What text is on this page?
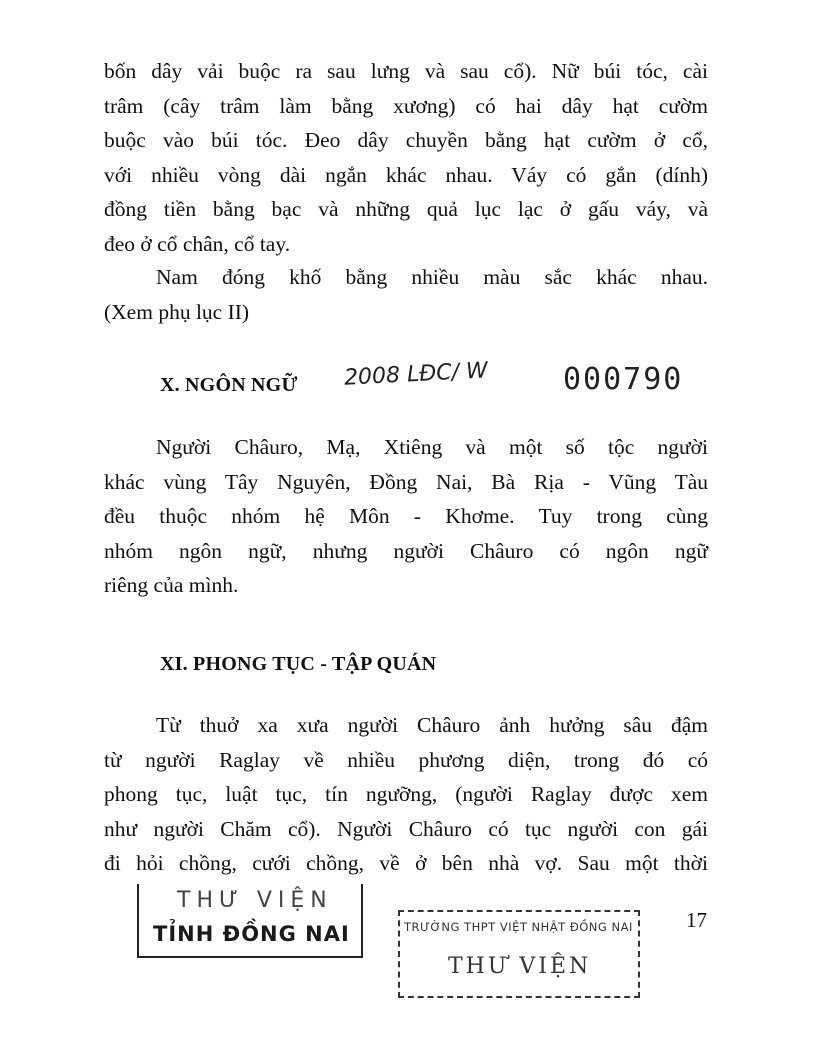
bốn dây vải buộc ra sau lưng và sau cổ). Nữ búi tóc, cài
trâm (cây trâm làm bằng xương) có hai dây hạt cườm
buộc vào búi tóc. Đeo dây chuyền bằng hạt cườm ở cổ,
với nhiều vòng dài ngắn khác nhau. Váy có gắn (dính)
đồng tiền bằng bạc và những quả lục lạc ở gấu váy, và
đeo ở cổ chân, cổ tay.
Nam đóng khố bằng nhiều màu sắc khác nhau.
(Xem phụ lục II)
X. NGÔN NGỮ 2008 LĐC/ W 000790
Người Châuro, Mạ, Xtiêng và một số tộc người
khác vùng Tây Nguyên, Đồng Nai, Bà Rịa - Vũng Tàu
đều thuộc nhóm hệ Môn - Khơme. Tuy trong cùng
nhóm ngôn ngữ, nhưng người Châuro có ngôn ngữ
riêng của mình.
XI. PHONG TỤC - TẬP QUÁN
Từ thuở xa xưa người Châuro ảnh hưởng sâu đậm
từ người Raglay về nhiều phương diện, trong đó có
phong tục, luật tục, tín ngưỡng, (người Raglay được xem
như người Chăm cổ). Người Châuro có tục người con gái
đi hỏi chồng, cưới chồng, về ở bên nhà vợ. Sau một thời
THƯ VIỆN
TỈNH ĐỒNG NAI	TRƯỜNG THPT VIỆT NHẬT ĐỒNG NAI
THƯ VIỆN
17
